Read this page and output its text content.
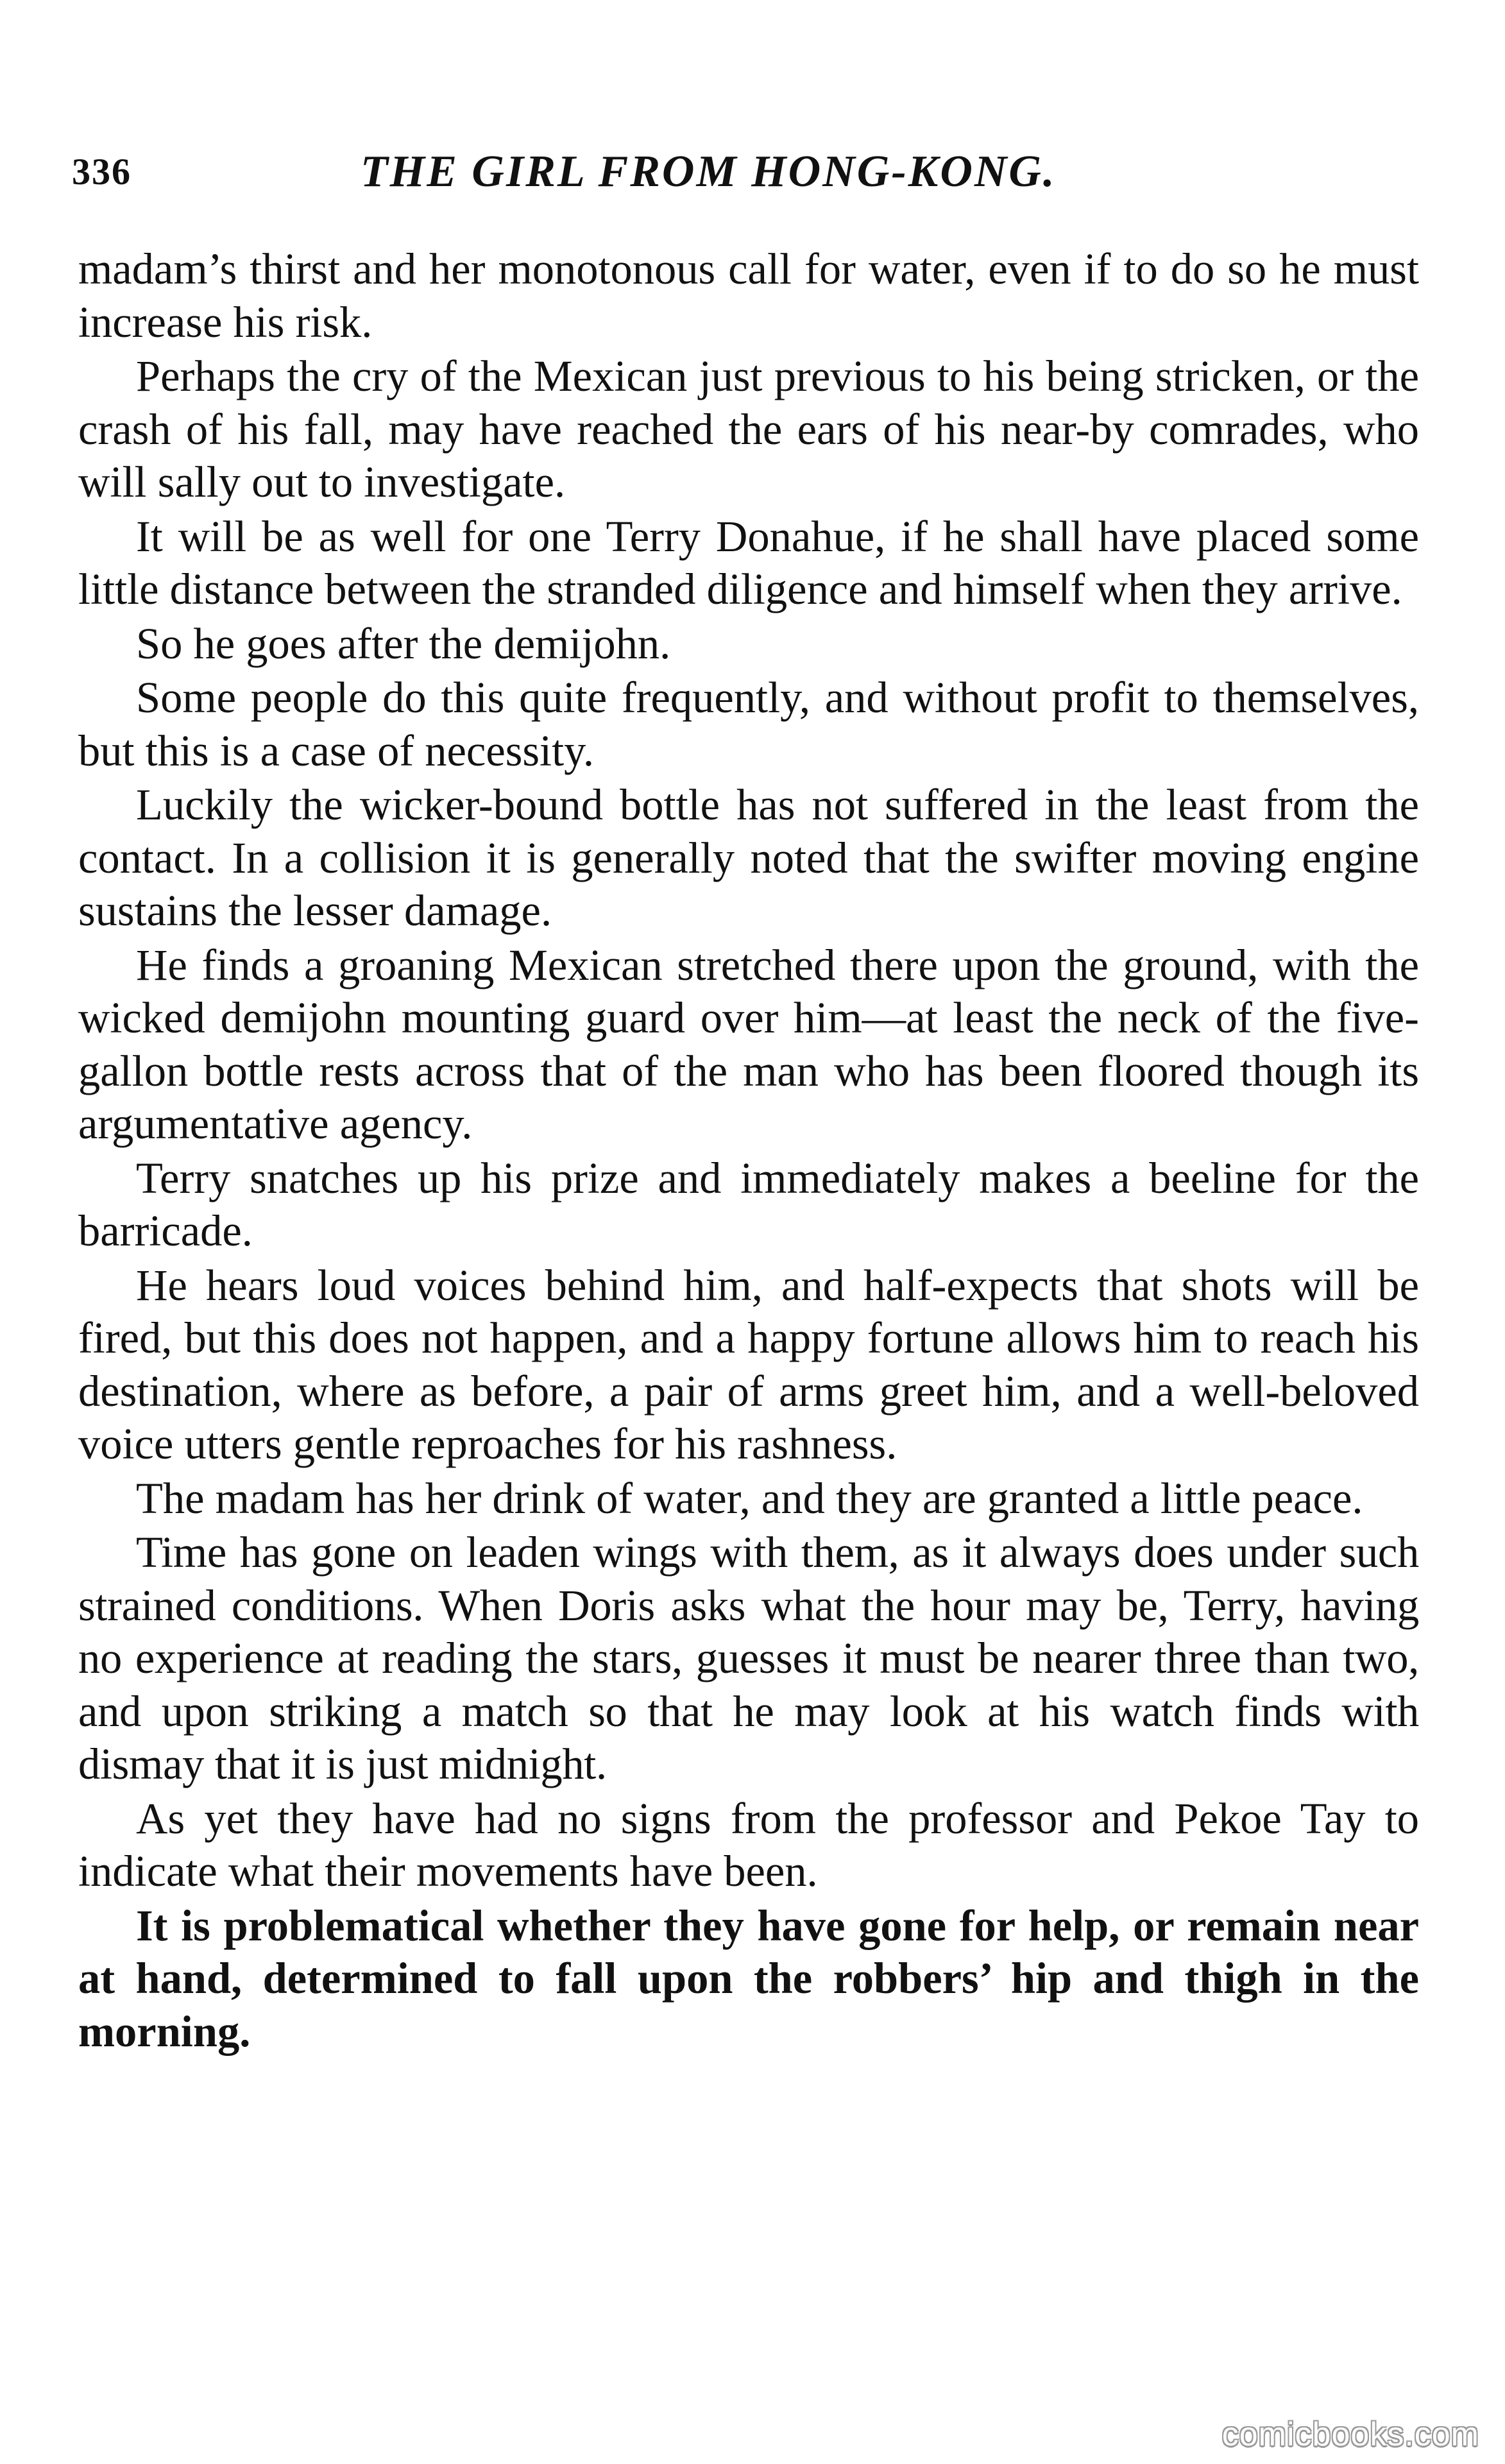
336	THE GIRL FROM HONG-KONG.

madam’s thirst and her monotonous call for water, even if to do so he must increase his risk.

Perhaps the cry of the Mexican just previous to his being stricken, or the crash of his fall, may have reached the ears of his near-by comrades, who will sally out to investigate.

It will be as well for one Terry Donahue, if he shall have placed some little distance between the stranded diligence and himself when they arrive.

So he goes after the demijohn.

Some people do this quite frequently, and without profit to themselves, but this is a case of necessity.

Luckily the wicker-bound bottle has not suffered in the least from the contact. In a collision it is generally noted that the swifter moving engine sustains the lesser damage.

He finds a groaning Mexican stretched there upon the ground, with the wicked demijohn mounting guard over him—at least the neck of the five-gallon bottle rests across that of the man who has been floored though its argumentative agency.

Terry snatches up his prize and immediately makes a beeline for the barricade.

He hears loud voices behind him, and half-expects that shots will be fired, but this does not happen, and a happy fortune allows him to reach his destination, where as before, a pair of arms greet him, and a well-beloved voice utters gentle reproaches for his rashness.

The madam has her drink of water, and they are granted a little peace.

Time has gone on leaden wings with them, as it always does under such strained conditions. When Doris asks what the hour may be, Terry, having no experience at reading the stars, guesses it must be nearer three than two, and upon striking a match so that he may look at his watch finds with dismay that it is just midnight.

As yet they have had no signs from the professor and Pekoe Tay to indicate what their movements have been.

It is problematical whether they have gone for help, or remain near at hand, determined to fall upon the robbers’ hip and thigh in the morning.

comicbooks.com
